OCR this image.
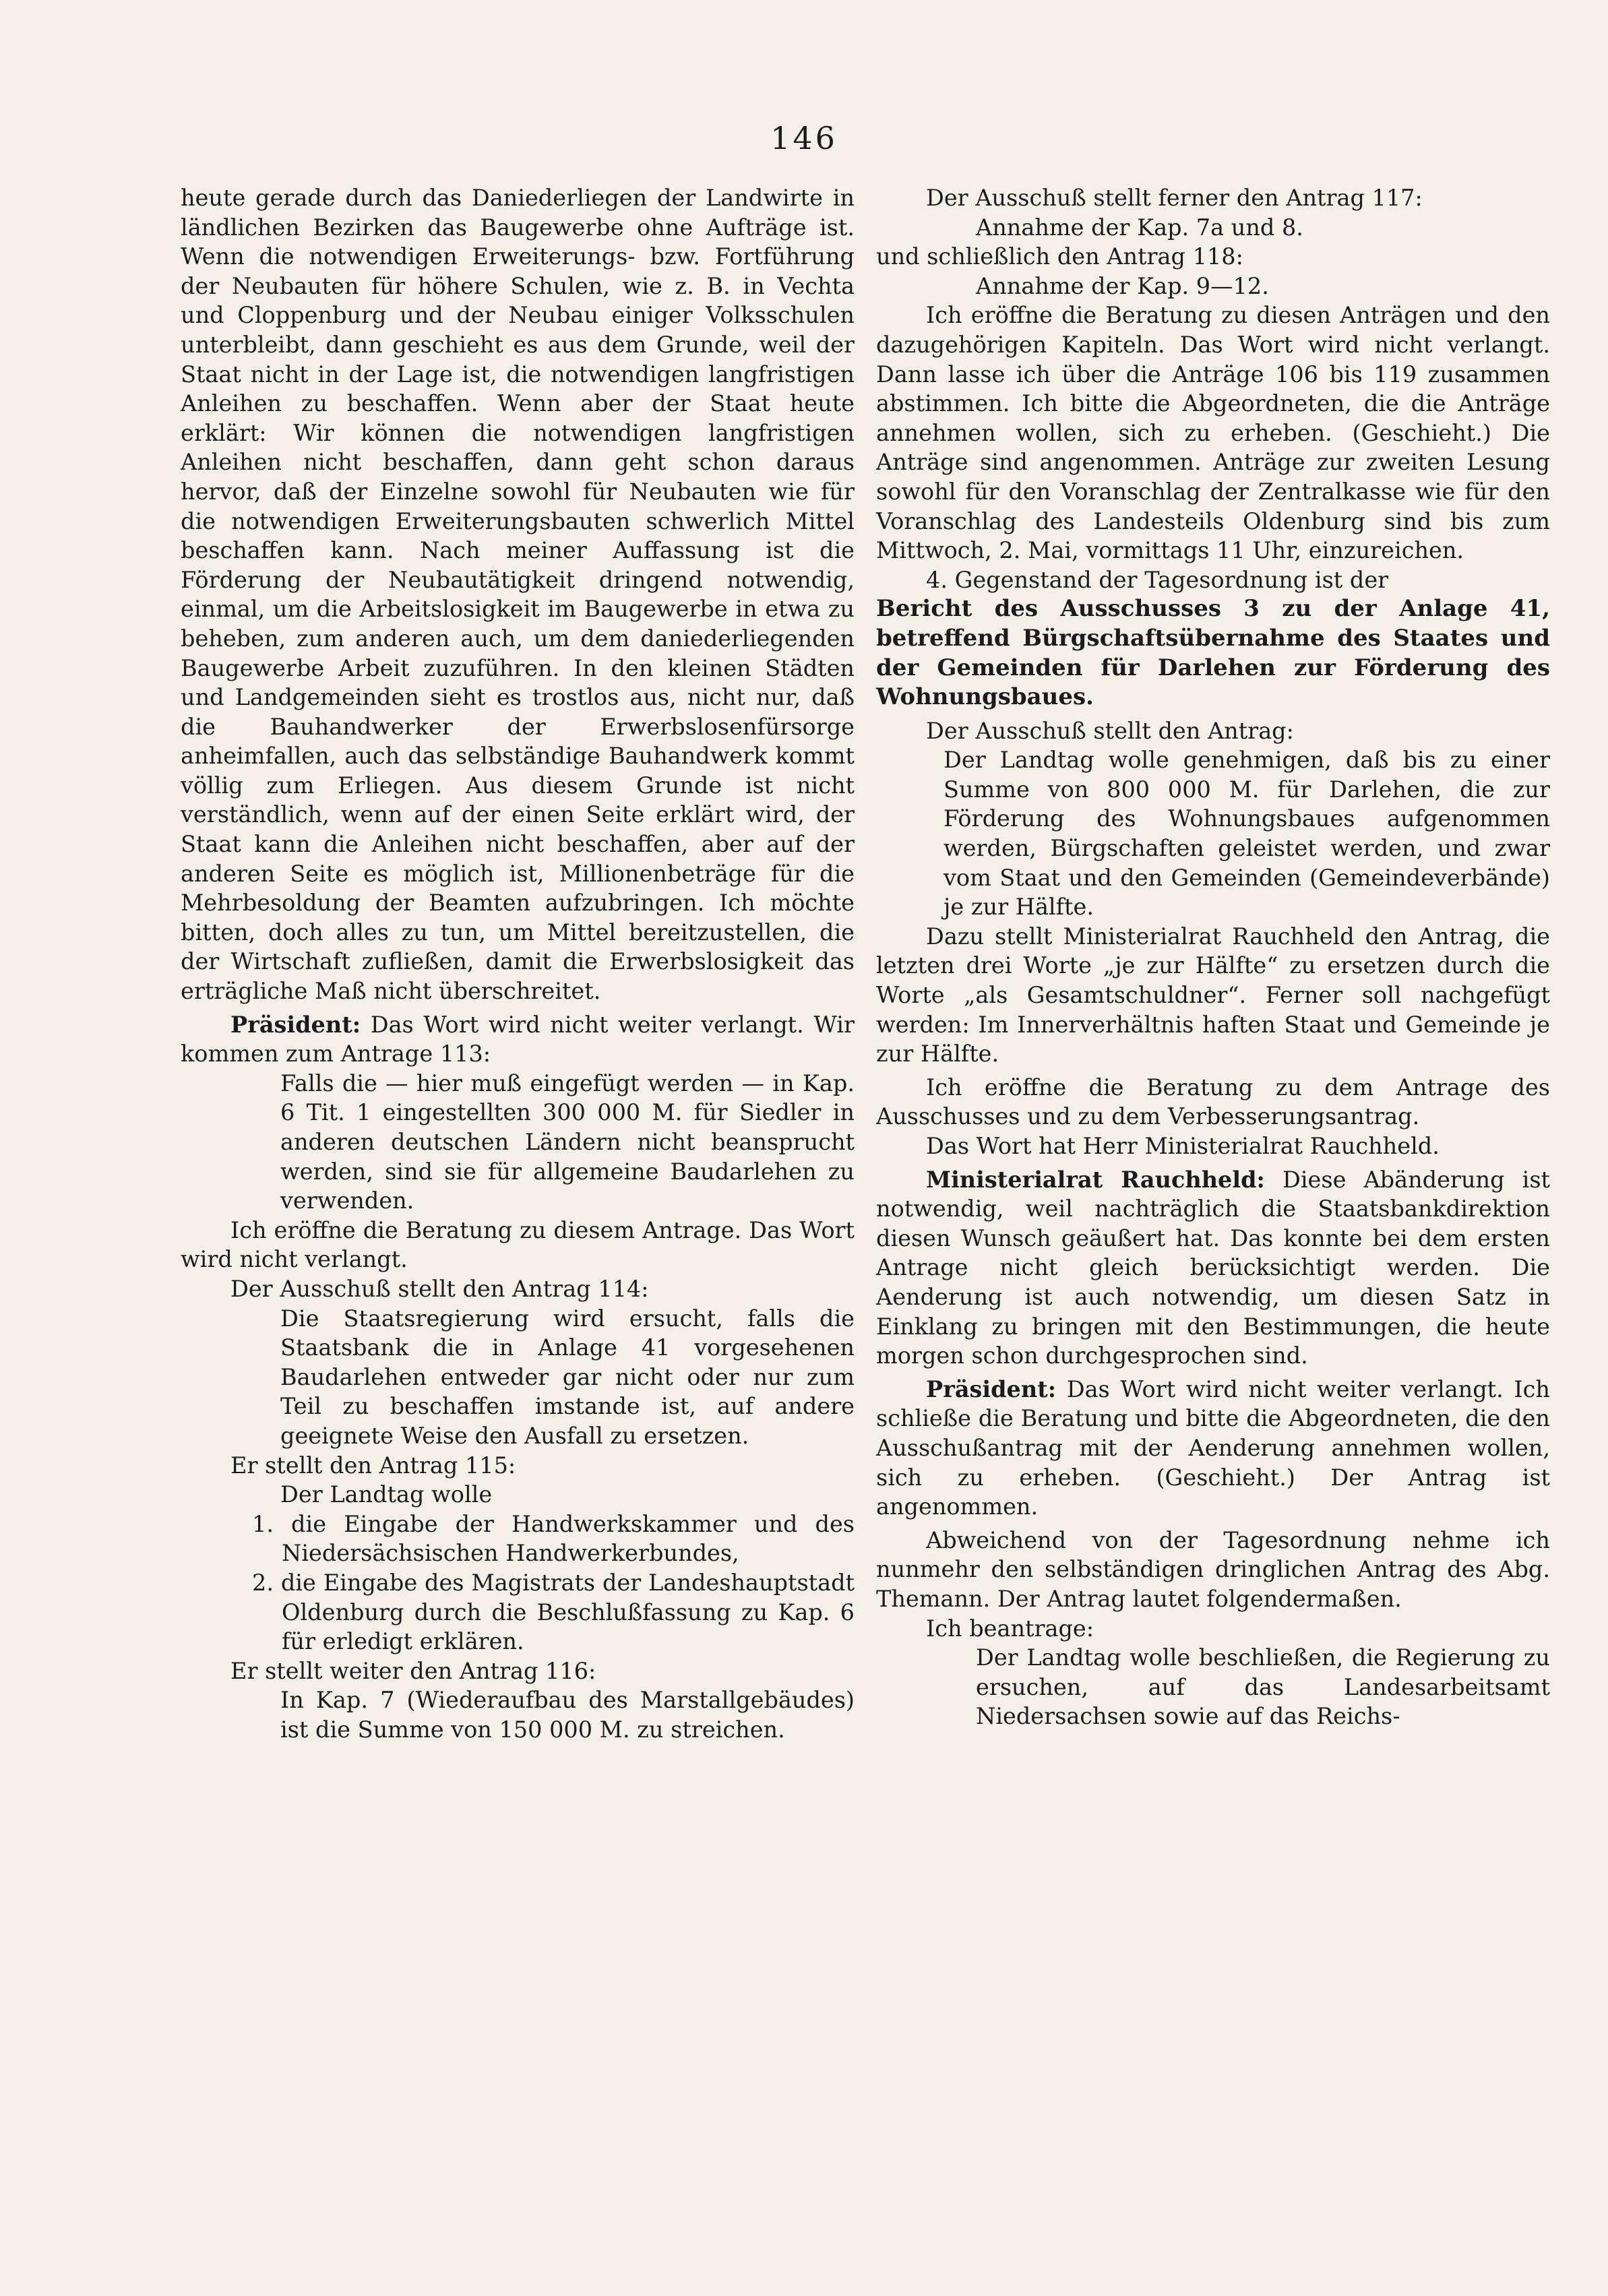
146

heute gerade durch das Daniederliegen der Landwirte in ländlichen Bezirken das Baugewerbe ohne Aufträge ist. Wenn die notwendigen Erweiterungs- bzw. Fortführung der Neubauten für höhere Schulen, wie z. B. in Vechta und Cloppenburg und der Neubau einiger Volksschulen unterbleibt, dann geschieht es aus dem Grunde, weil der Staat nicht in der Lage ist, die notwendigen langfristigen Anleihen zu beschaffen. Wenn aber der Staat heute erklärt: Wir können die notwendigen langfristigen Anleihen nicht beschaffen, dann geht schon daraus hervor, daß der Einzelne sowohl für Neubauten wie für die notwendigen Erweiterungsbauten schwerlich Mittel beschaffen kann. Nach meiner Auffassung ist die Förderung der Neubautätigkeit dringend notwendig, einmal, um die Arbeitslosigkeit im Baugewerbe in etwa zu beheben, zum anderen auch, um dem daniederliegenden Baugewerbe Arbeit zuzuführen. In den kleinen Städten und Landgemeinden sieht es trostlos aus, nicht nur, daß die Bauhandwerker der Erwerbslosenfürsorge anheimfallen, auch das selbständige Bauhandwerk kommt völlig zum Erliegen. Aus diesem Grunde ist nicht verständlich, wenn auf der einen Seite erklärt wird, der Staat kann die Anleihen nicht beschaffen, aber auf der anderen Seite es möglich ist, Millionenbeträge für die Mehrbesoldung der Beamten aufzubringen. Ich möchte bitten, doch alles zu tun, um Mittel bereitzustellen, die der Wirtschaft zufließen, damit die Erwerbslosigkeit das erträgliche Maß nicht überschreitet.

Präsident: Das Wort wird nicht weiter verlangt. Wir kommen zum Antrage 113:

Falls die — hier muß eingefügt werden — in Kap. 6 Tit. 1 eingestellten 300 000 M. für Siedler in anderen deutschen Ländern nicht beansprucht werden, sind sie für allgemeine Baudarlehen zu verwenden.

Ich eröffne die Beratung zu diesem Antrage. Das Wort wird nicht verlangt.

Der Ausschuß stellt den Antrag 114:

Die Staatsregierung wird ersucht, falls die Staatsbank die in Anlage 41 vorgesehenen Baudarlehen entweder gar nicht oder nur zum Teil zu beschaffen imstande ist, auf andere geeignete Weise den Ausfall zu ersetzen.

Er stellt den Antrag 115:

Der Landtag wolle

1. die Eingabe der Handwerkskammer und des Niedersächsischen Handwerkerbundes,

2. die Eingabe des Magistrats der Landeshauptstadt Oldenburg durch die Beschlußfassung zu Kap. 6 für erledigt erklären.

Er stellt weiter den Antrag 116:

In Kap. 7 (Wiederaufbau des Marstallgebäudes) ist die Summe von 150 000 M. zu streichen.

Der Ausschuß stellt ferner den Antrag 117:

Annahme der Kap. 7a und 8.

und schließlich den Antrag 118:

Annahme der Kap. 9—12.

Ich eröffne die Beratung zu diesen Anträgen und den dazugehörigen Kapiteln. Das Wort wird nicht verlangt. Dann lasse ich über die Anträge 106 bis 119 zusammen abstimmen. Ich bitte die Abgeordneten, die die Anträge annehmen wollen, sich zu erheben. (Geschieht.) Die Anträge sind angenommen. Anträge zur zweiten Lesung sowohl für den Voranschlag der Zentralkasse wie für den Voranschlag des Landesteils Oldenburg sind bis zum Mittwoch, 2. Mai, vormittags 11 Uhr, einzureichen.

4. Gegenstand der Tagesordnung ist der

Bericht des Ausschusses 3 zu der Anlage 41, betreffend Bürgschaftsübernahme des Staates und der Gemeinden für Darlehen zur Förderung des Wohnungsbaues.

Der Ausschuß stellt den Antrag:

Der Landtag wolle genehmigen, daß bis zu einer Summe von 800 000 M. für Darlehen, die zur Förderung des Wohnungsbaues aufgenommen werden, Bürgschaften geleistet werden, und zwar vom Staat und den Gemeinden (Gemeindeverbände) je zur Hälfte.

Dazu stellt Ministerialrat Rauchheld den Antrag, die letzten drei Worte „je zur Hälfte“ zu ersetzen durch die Worte „als Gesamtschuldner“. Ferner soll nachgefügt werden: Im Innerverhältnis haften Staat und Gemeinde je zur Hälfte.

Ich eröffne die Beratung zu dem Antrage des Ausschusses und zu dem Verbesserungsantrag.

Das Wort hat Herr Ministerialrat Rauchheld.

Ministerialrat Rauchheld: Diese Abänderung ist notwendig, weil nachträglich die Staatsbankdirektion diesen Wunsch geäußert hat. Das konnte bei dem ersten Antrage nicht gleich berücksichtigt werden. Die Aenderung ist auch notwendig, um diesen Satz in Einklang zu bringen mit den Bestimmungen, die heute morgen schon durchgesprochen sind.

Präsident: Das Wort wird nicht weiter verlangt. Ich schließe die Beratung und bitte die Abgeordneten, die den Ausschußantrag mit der Aenderung annehmen wollen, sich zu erheben. (Geschieht.) Der Antrag ist angenommen.

Abweichend von der Tagesordnung nehme ich nunmehr den selbständigen dringlichen Antrag des Abg. Themann. Der Antrag lautet folgendermaßen.

Ich beantrage:

Der Landtag wolle beschließen, die Regierung zu ersuchen, auf das Landesarbeitsamt Niedersachsen sowie auf das Reichs-
